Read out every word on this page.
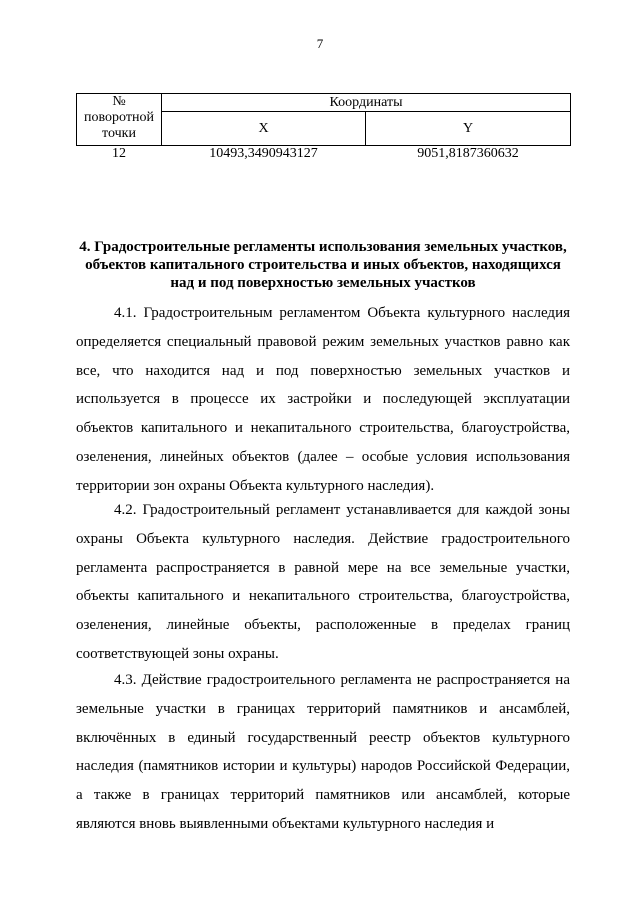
7
№
поворотной
точки	Координаты	
	X	Y
12	10493,3490943127	9051,8187360632
4. Градостроительные регламенты использования земельных участков, объектов капитального строительства и иных объектов, находящихся над и под поверхностью земельных участков
4.1. Градостроительным регламентом Объекта культурного наследия определяется специальный правовой режим земельных участков равно как все, что находится над и под поверхностью земельных участков и используется в процессе их застройки и последующей эксплуатации объектов капитального и некапитального строительства, благоустройства, озеленения, линейных объектов (далее – особые условия использования территории зон охраны Объекта культурного наследия).
4.2. Градостроительный регламент устанавливается для каждой зоны охраны Объекта культурного наследия. Действие градостроительного регламента распространяется в равной мере на все земельные участки, объекты капитального и некапитального строительства, благоустройства, озеленения, линейные объекты, расположенные в пределах границ соответствующей зоны охраны.
4.3. Действие градостроительного регламента не распространяется на земельные участки в границах территорий памятников и ансамблей, включённых в единый государственный реестр объектов культурного наследия (памятников истории и культуры) народов Российской Федерации, а также в границах территорий памятников или ансамблей, которые являются вновь выявленными объектами культурного наследия и
